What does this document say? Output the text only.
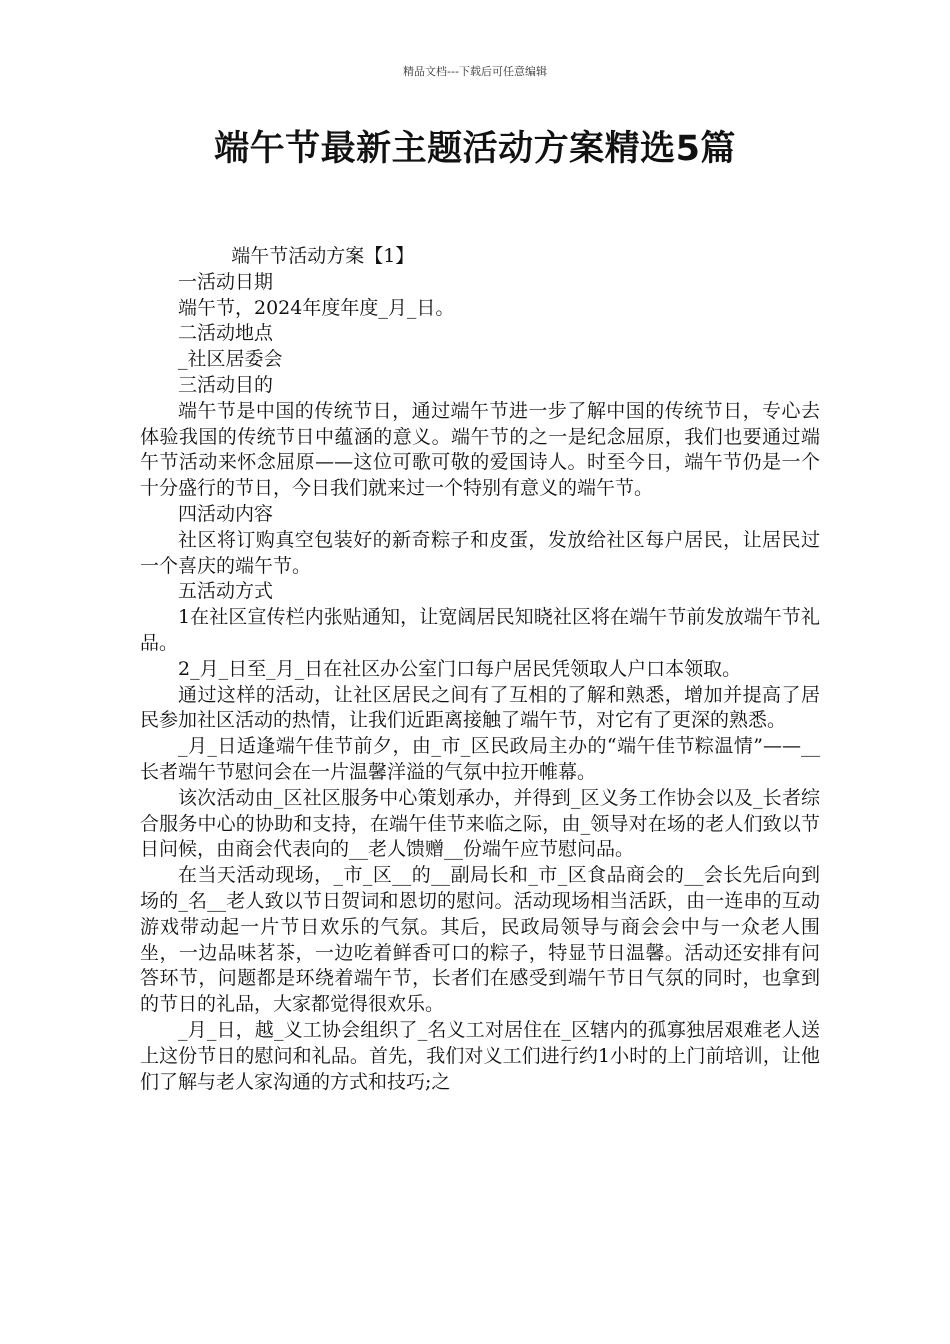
精品文档---下载后可任意编辑
端午节最新主题活动方案精选5篇

端午节活动方案【1】

一活动日期

端午节，2024年度年度_月_日。

二活动地点

_社区居委会

三活动目的

端午节是中国的传统节日，通过端午节进一步了解中国的传统节日，专心去体验我国的传统节日中蕴涵的意义。端午节的之一是纪念屈原，我们也要通过端午节活动来怀念屈原——这位可歌可敬的爱国诗人。时至今日，端午节仍是一个十分盛行的节日，今日我们就来过一个特别有意义的端午节。

四活动内容

社区将订购真空包装好的新奇粽子和皮蛋，发放给社区每户居民，让居民过一个喜庆的端午节。

五活动方式

1在社区宣传栏内张贴通知，让宽阔居民知晓社区将在端午节前发放端午节礼品。

2_月_日至_月_日在社区办公室门口每户居民凭领取人户口本领取。

通过这样的活动，让社区居民之间有了互相的了解和熟悉，增加并提高了居民参加社区活动的热情，让我们近距离接触了端午节，对它有了更深的熟悉。

_月_日适逢端午佳节前夕，由_市_区民政局主办的“端午佳节粽温情”——__长者端午节慰问会在一片温馨洋溢的气氛中拉开帷幕。

该次活动由_区社区服务中心策划承办，并得到_区义务工作协会以及_长者综合服务中心的协助和支持，在端午佳节来临之际，由_领导对在场的老人们致以节日问候，由商会代表向的__老人馈赠__份端午应节慰问品。

在当天活动现场，_市_区__的__副局长和_市_区食品商会的__会长先后向到场的_名__老人致以节日贺词和恩切的慰问。活动现场相当活跃，由一连串的互动游戏带动起一片节日欢乐的气氛。其后，民政局领导与商会会中与一众老人围坐，一边品味茗茶，一边吃着鲜香可口的粽子，特显节日温馨。活动还安排有问答环节，问题都是环绕着端午节，长者们在感受到端午节日气氛的同时，也拿到的节日的礼品，大家都觉得很欢乐。

_月_日，越_义工协会组织了_名义工对居住在_区辖内的孤寡独居艰难老人送上这份节日的慰问和礼品。首先，我们对义工们进行约1小时的上门前培训，让他们了解与老人家沟通的方式和技巧;之
